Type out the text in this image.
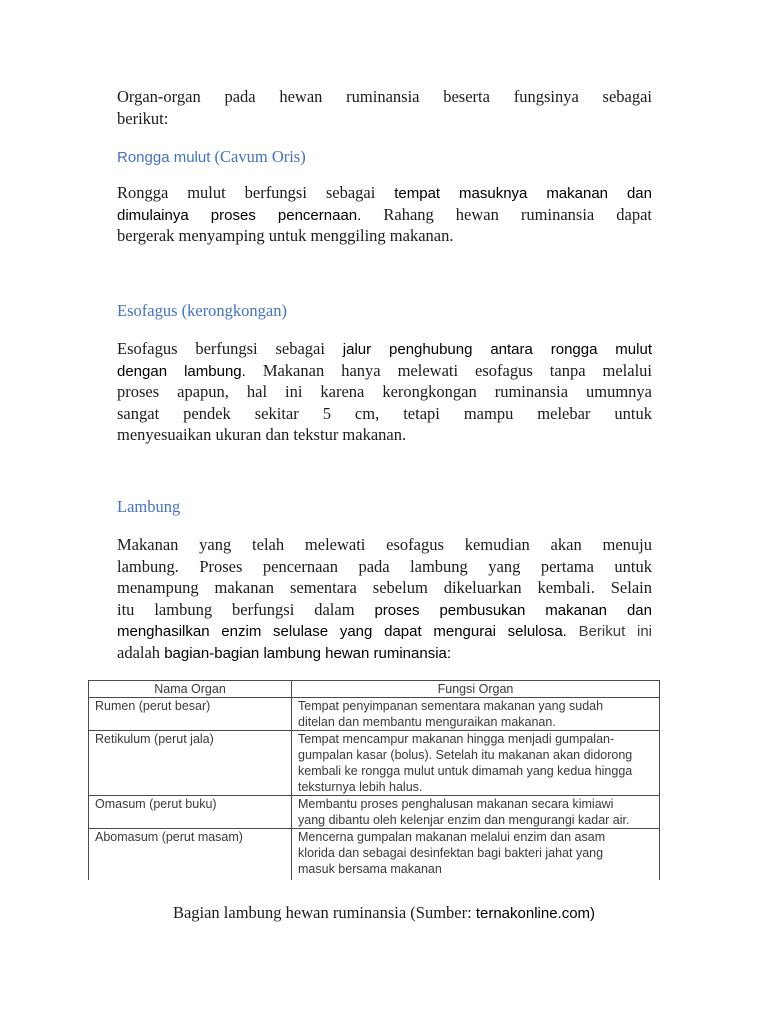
Organ-organ pada hewan ruminansia beserta fungsinya sebagai
berikut:
Rongga mulut (Cavum Oris)
Rongga mulut berfungsi sebagai tempat masuknya makanan dan
dimulainya proses pencernaan. Rahang hewan ruminansia dapat
bergerak menyamping untuk menggiling makanan.
Esofagus (kerongkongan)
Esofagus berfungsi sebagai jalur penghubung antara rongga mulut
dengan lambung. Makanan hanya melewati esofagus tanpa melalui
proses apapun, hal ini karena kerongkongan ruminansia umumnya
sangat pendek sekitar 5 cm, tetapi mampu melebar untuk
menyesuaikan ukuran dan tekstur makanan.
Lambung
Makanan yang telah melewati esofagus kemudian akan menuju
lambung. Proses pencernaan pada lambung yang pertama untuk
menampung makanan sementara sebelum dikeluarkan kembali. Selain
itu lambung berfungsi dalam proses pembusukan makanan dan
menghasilkan enzim selulase yang dapat mengurai selulosa. Berikut ini
adalah bagian-bagian lambung hewan ruminansia:
Nama Organ	Fungsi Organ

Rumen (perut besar)	Tempat penyimpanan sementara makanan yang sudah
ditelan dan membantu menguraikan makanan.

Retikulum (perut jala)	Tempat mencampur makanan hingga menjadi gumpalan-
gumpalan kasar (bolus). Setelah itu makanan akan didorong
kembali ke rongga mulut untuk dimamah yang kedua hingga
teksturnya lebih halus.

Omasum (perut buku)	Membantu proses penghalusan makanan secara kimiawi
yang dibantu oleh kelenjar enzim dan mengurangi kadar air.

Abomasum (perut masam)	Mencerna gumpalan makanan melalui enzim dan asam
klorida dan sebagai desinfektan bagi bakteri jahat yang
masuk bersama makanan
Bagian lambung hewan ruminansia (Sumber: ternakonline.com)
